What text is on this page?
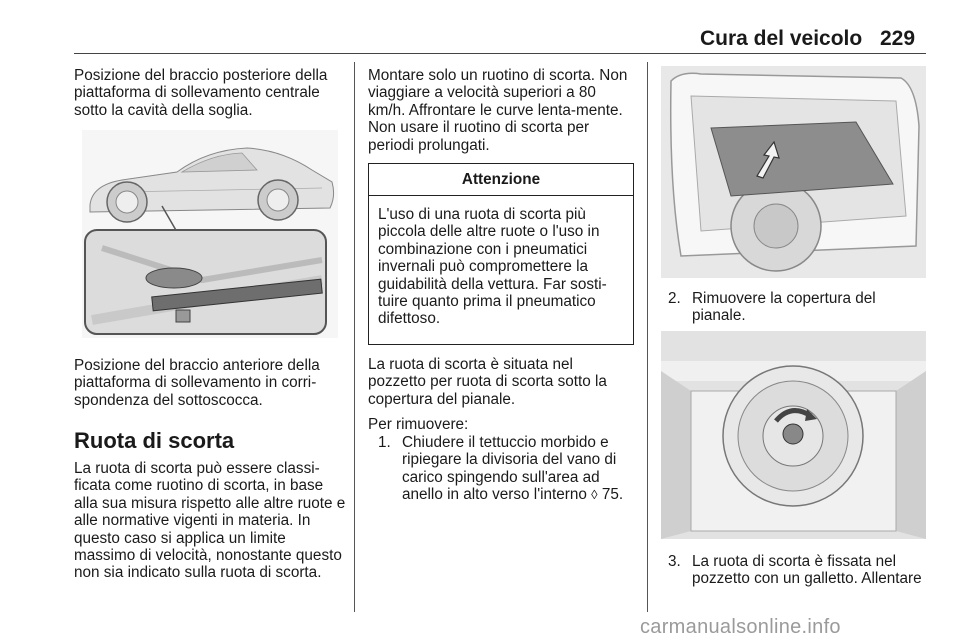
Cura del veicolo 229

Posizione del braccio posteriore della piattaforma di sollevamento centrale sotto la cavità della soglia.

Posizione del braccio anteriore della piattaforma di sollevamento in corri-spondenza del sottoscocca.

Ruota di scorta

La ruota di scorta può essere classi-ficata come ruotino di scorta, in base alla sua misura rispetto alle altre ruote e alle normative vigenti in materia. In questo caso si applica un limite massimo di velocità, nonostante questo non sia indicato sulla ruota di scorta.

Montare solo un ruotino di scorta. Non viaggiare a velocità superiori a 80 km/h. Affrontare le curve lenta-mente. Non usare il ruotino di scorta per periodi prolungati.

Attenzione
L'uso di una ruota di scorta più piccola delle altre ruote o l'uso in combinazione con i pneumatici invernali può compromettere la guidabilità della vettura. Far sosti-tuire quanto prima il pneumatico difettoso.

La ruota di scorta è situata nel pozzetto per ruota di scorta sotto la copertura del pianale.

Per rimuovere:

1. Chiudere il tettuccio morbido e ripiegare la divisoria del vano di carico spingendo sull'area ad anello in alto verso l'interno ◊ 75.
2. Rimuovere la copertura del pianale.
3. La ruota di scorta è fissata nel pozzetto con un galletto. Allentare
carmanualsonline.info
